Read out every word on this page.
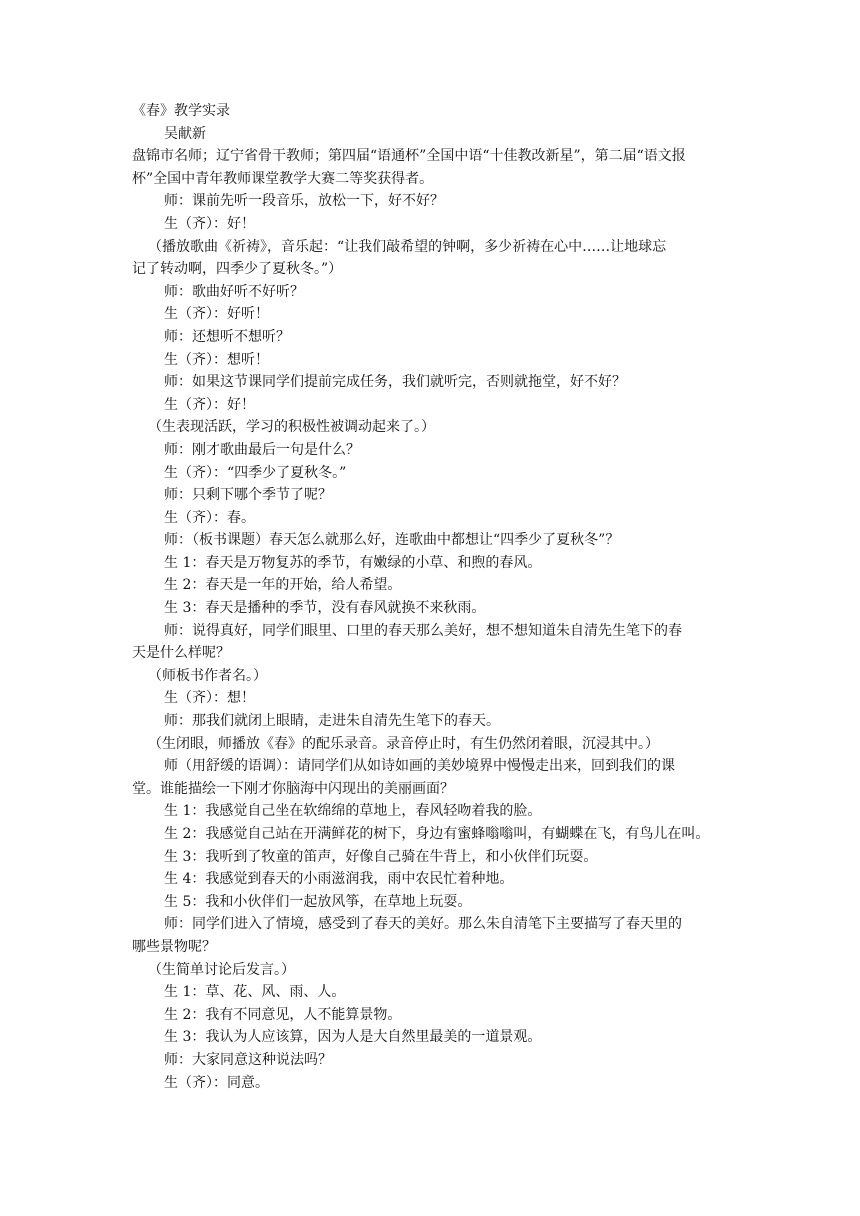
《春》教学实录
吴献新
盘锦市名师；辽宁省骨干教师；第四届“语通杯”全国中语“十佳教改新星”，第二届“语文报
杯”全国中青年教师课堂教学大赛二等奖获得者。
师：课前先听一段音乐，放松一下，好不好？
生（齐）：好！
（播放歌曲《祈祷》，音乐起：“让我们敲希望的钟啊，多少祈祷在心中……让地球忘
记了转动啊，四季少了夏秋冬。”）
师：歌曲好听不好听？
生（齐）：好听！
师：还想听不想听？
生（齐）：想听！
师：如果这节课同学们提前完成任务，我们就听完，否则就拖堂，好不好？
生（齐）：好！
（生表现活跃，学习的积极性被调动起来了。）
师：刚才歌曲最后一句是什么？
生（齐）：“四季少了夏秋冬。”
师：只剩下哪个季节了呢？
生（齐）：春。
师：（板书课题）春天怎么就那么好，连歌曲中都想让“四季少了夏秋冬”？
生 1：春天是万物复苏的季节，有嫩绿的小草、和煦的春风。
生 2：春天是一年的开始，给人希望。
生 3：春天是播种的季节，没有春风就换不来秋雨。
师：说得真好，同学们眼里、口里的春天那么美好，想不想知道朱自清先生笔下的春
天是什么样呢？
（师板书作者名。）
生（齐）：想！
师：那我们就闭上眼睛，走进朱自清先生笔下的春天。
（生闭眼，师播放《春》的配乐录音。录音停止时，有生仍然闭着眼，沉浸其中。）
师（用舒缓的语调）：请同学们从如诗如画的美妙境界中慢慢走出来，回到我们的课
堂。谁能描绘一下刚才你脑海中闪现出的美丽画面？
生 1：我感觉自己坐在软绵绵的草地上，春风轻吻着我的脸。
生 2：我感觉自己站在开满鲜花的树下，身边有蜜蜂嗡嗡叫，有蝴蝶在飞，有鸟儿在叫。
生 3：我听到了牧童的笛声，好像自己骑在牛背上，和小伙伴们玩耍。
生 4：我感觉到春天的小雨滋润我，雨中农民忙着种地。
生 5：我和小伙伴们一起放风筝，在草地上玩耍。
师：同学们进入了情境，感受到了春天的美好。那么朱自清笔下主要描写了春天里的
哪些景物呢？
（生简单讨论后发言。）
生 1：草、花、风、雨、人。
生 2：我有不同意见，人不能算景物。
生 3：我认为人应该算，因为人是大自然里最美的一道景观。
师：大家同意这种说法吗？
生（齐）：同意。
